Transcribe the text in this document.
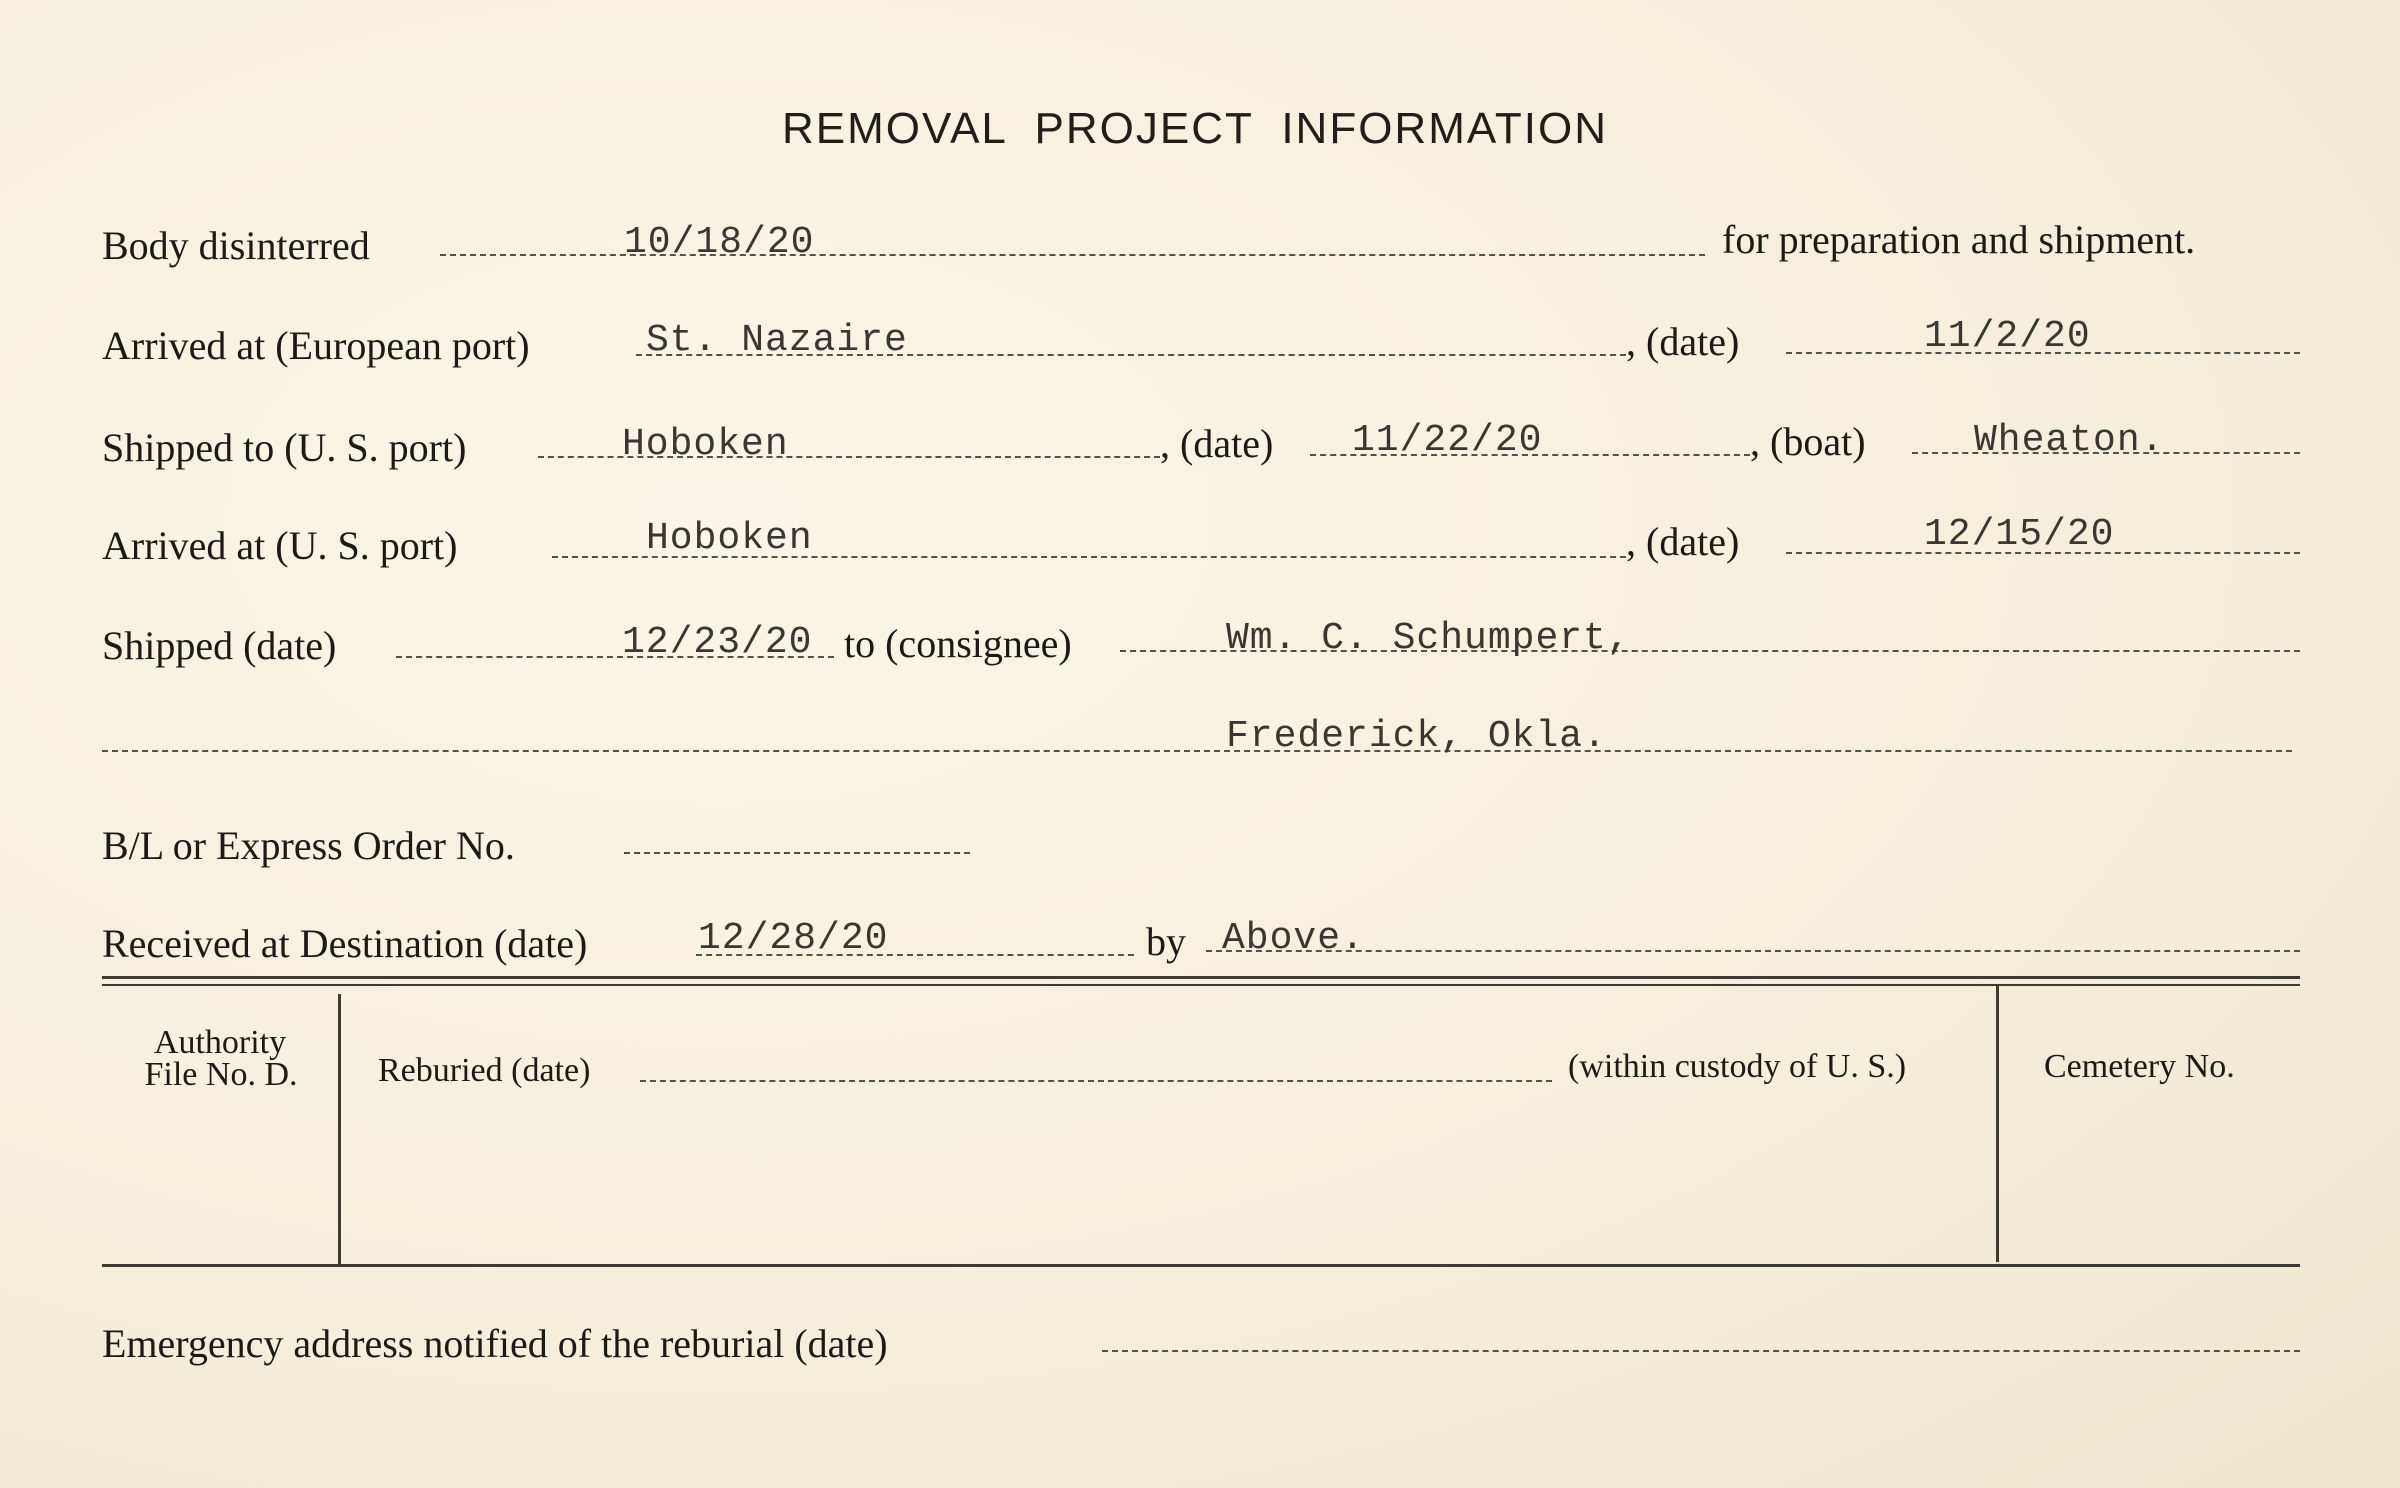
REMOVAL PROJECT INFORMATION
Body disinterred	10/18/20	for preparation and shipment.
Arrived at (European port)	St. Nazaire	, (date)	11/2/20
Shipped to (U. S. port)	Hoboken	, (date) 11/22/20	, (boat)	Wheaton.
Arrived at (U. S. port)	Hoboken	, (date)	12/15/20
Shipped (date)	12/23/20 to (consignee)	Wm. C. Schumpert,
Frederick, Okla.
B/L or Express Order No.
Received at Destination (date)	12/28/20	by Above.
Authority
File No. D.	Reburied (date)	(within custody of U. S.)	Cemetery No.
Emergency address notified of the reburial (date)
